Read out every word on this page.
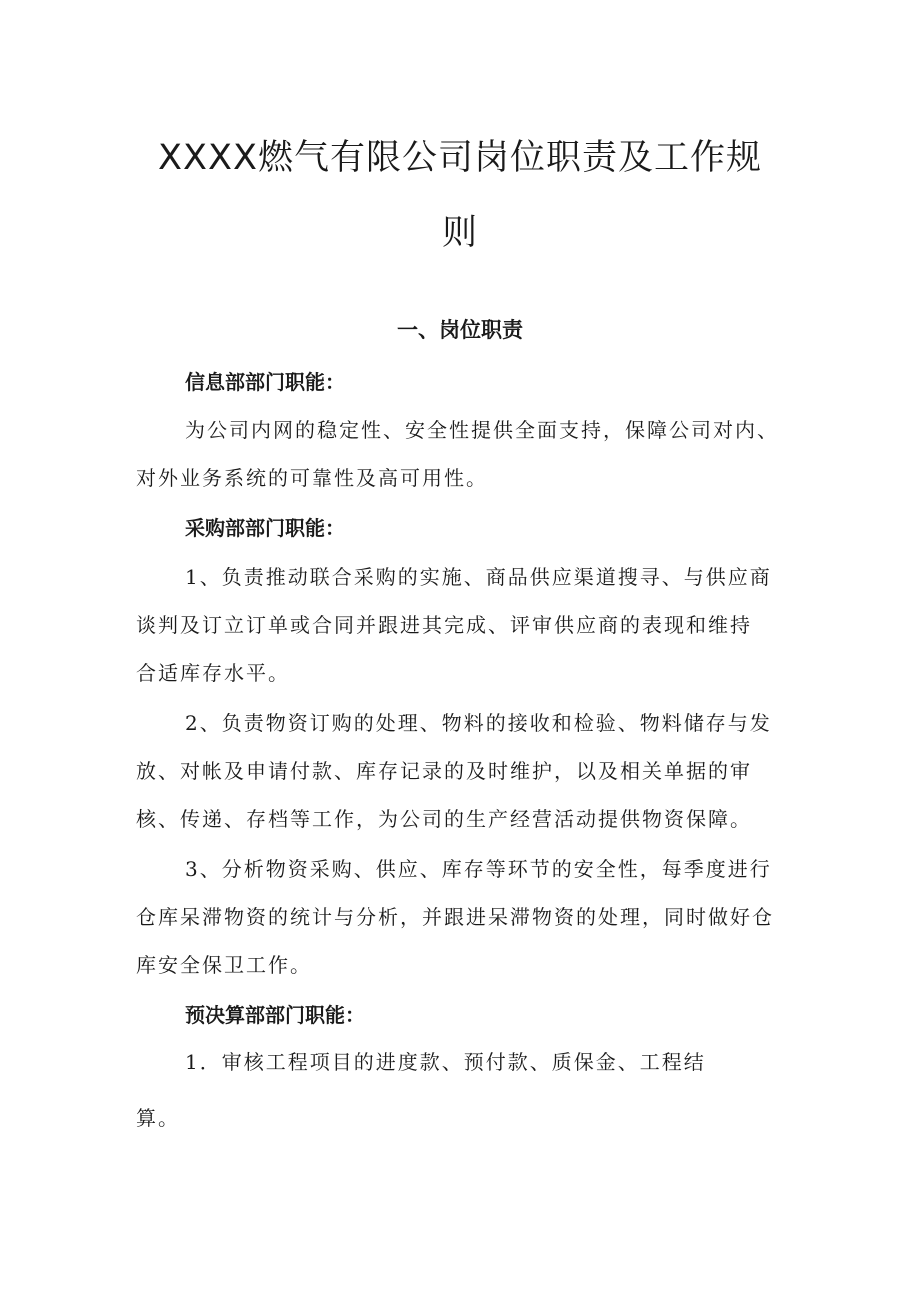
XXXX燃气有限公司岗位职责及工作规
则
一、岗位职责
信息部部门职能：
为公司内网的稳定性、安全性提供全面支持，保障公司对内、
对外业务系统的可靠性及高可用性。
采购部部门职能：
1、负责推动联合采购的实施、商品供应渠道搜寻、与供应商
谈判及订立订单或合同并跟进其完成、评审供应商的表现和维持
合适库存水平。
2、负责物资订购的处理、物料的接收和检验、物料储存与发
放、对帐及申请付款、库存记录的及时维护，以及相关单据的审
核、传递、存档等工作，为公司的生产经营活动提供物资保障。
3、分析物资采购、供应、库存等环节的安全性，每季度进行
仓库呆滞物资的统计与分析，并跟进呆滞物资的处理，同时做好仓
库安全保卫工作。
预决算部部门职能：
1．审核工程项目的进度款、预付款、质保金、工程结
算。
